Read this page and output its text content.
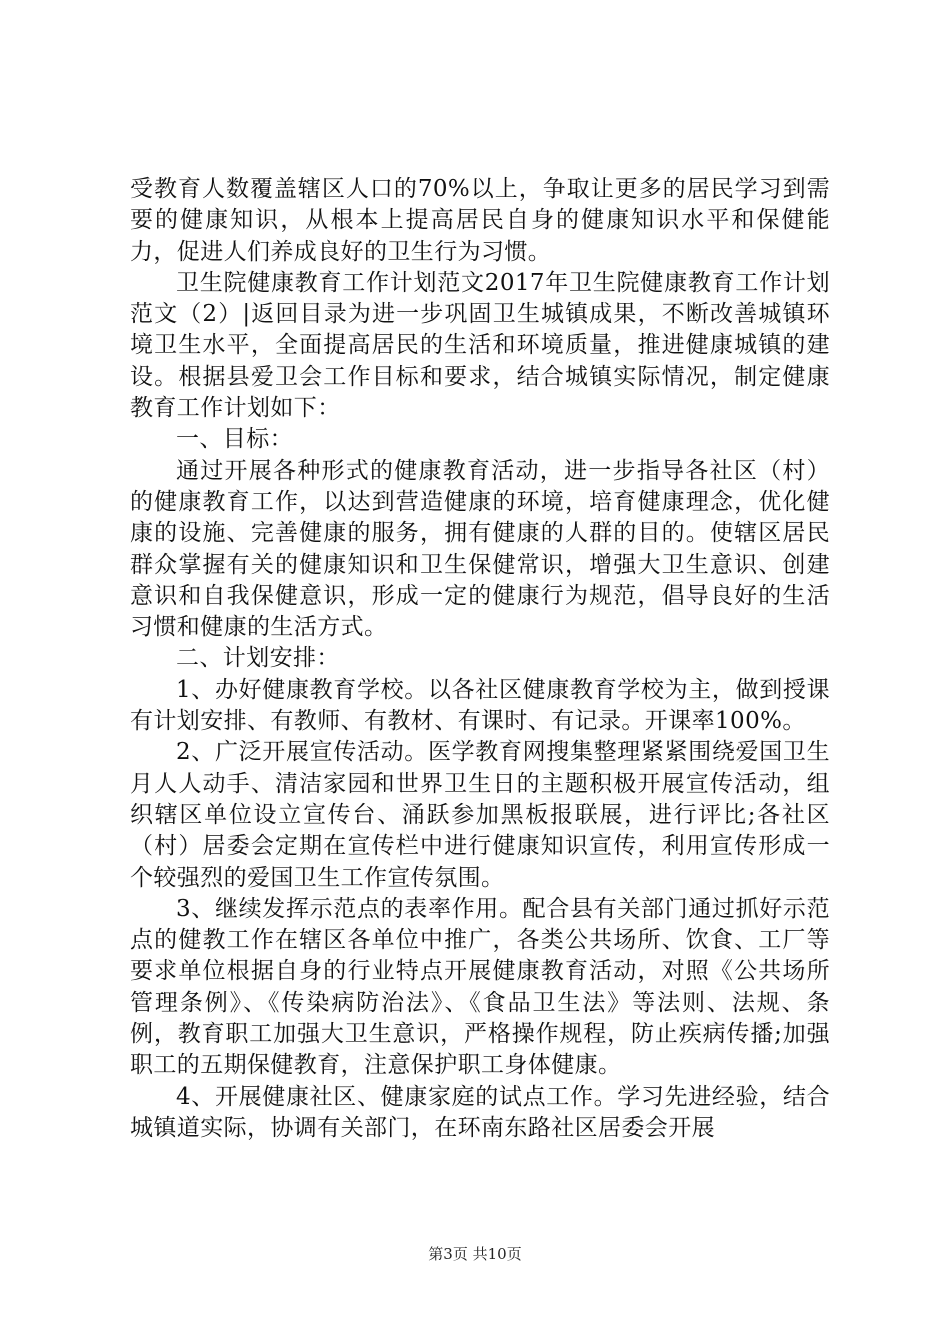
受教育人数覆盖辖区人口的70%以上，争取让更多的居民学习到需要的健康知识，从根本上提高居民自身的健康知识水平和保健能力，促进人们养成良好的卫生行为习惯。

卫生院健康教育工作计划范文2017年卫生院健康教育工作计划范文（2）|返回目录为进一步巩固卫生城镇成果，不断改善城镇环境卫生水平，全面提高居民的生活和环境质量，推进健康城镇的建设。根据县爱卫会工作目标和要求，结合城镇实际情况，制定健康教育工作计划如下：

一、目标：

通过开展各种形式的健康教育活动，进一步指导各社区（村）的健康教育工作，以达到营造健康的环境，培育健康理念，优化健康的设施、完善健康的服务，拥有健康的人群的目的。使辖区居民群众掌握有关的健康知识和卫生保健常识，增强大卫生意识、创建意识和自我保健意识，形成一定的健康行为规范，倡导良好的生活习惯和健康的生活方式。

二、计划安排：

1、办好健康教育学校。以各社区健康教育学校为主，做到授课有计划安排、有教师、有教材、有课时、有记录。开课率100%。

2、广泛开展宣传活动。医学教育网搜集整理紧紧围绕爱国卫生月人人动手、清洁家园和世界卫生日的主题积极开展宣传活动，组织辖区单位设立宣传台、涌跃参加黑板报联展，进行评比;各社区（村）居委会定期在宣传栏中进行健康知识宣传，利用宣传形成一个较强烈的爱国卫生工作宣传氛围。

3、继续发挥示范点的表率作用。配合县有关部门通过抓好示范点的健教工作在辖区各单位中推广，各类公共场所、饮食、工厂等要求单位根据自身的行业特点开展健康教育活动，对照《公共场所管理条例》、《传染病防治法》、《食品卫生法》等法则、法规、条例，教育职工加强大卫生意识，严格操作规程，防止疾病传播;加强职工的五期保健教育，注意保护职工身体健康。

4、开展健康社区、健康家庭的试点工作。学习先进经验，结合城镇道实际，协调有关部门，在环南东路社区居委会开展

第3页 共10页
